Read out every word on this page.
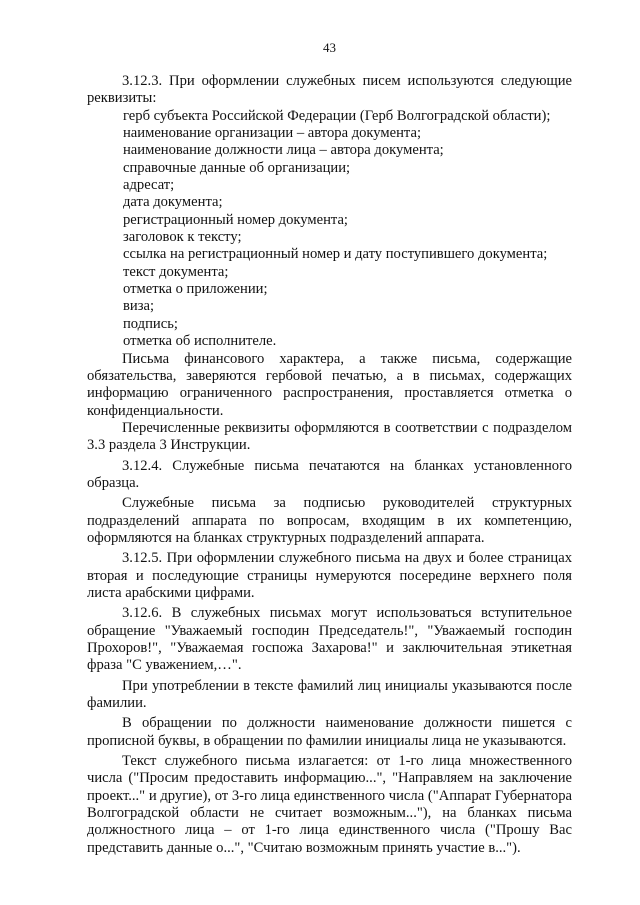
43

3.12.3. При оформлении служебных писем используются следующие реквизиты:

герб субъекта Российской Федерации (Герб Волгоградской области);

наименование организации – автора документа;

наименование должности лица – автора документа;

справочные данные об организации;

адресат;

дата документа;

регистрационный номер документа;

заголовок к тексту;

ссылка на регистрационный номер и дату поступившего документа;

текст документа;

отметка о приложении;

виза;

подпись;

отметка об исполнителе.

Письма финансового характера, а также письма, содержащие обязательства, заверяются гербовой печатью, а в письмах, содержащих информацию ограниченного распространения, проставляется отметка о конфиденциальности.

Перечисленные реквизиты оформляются в соответствии с подразделом 3.3 раздела 3 Инструкции.

3.12.4. Служебные письма печатаются на бланках установленного образца.

Служебные письма за подписью руководителей структурных подразделений аппарата по вопросам, входящим в их компетенцию, оформляются на бланках структурных подразделений аппарата.

3.12.5. При оформлении служебного письма на двух и более страницах вторая и последующие страницы нумеруются посередине верхнего поля листа арабскими цифрами.

3.12.6. В служебных письмах могут использоваться вступительное обращение "Уважаемый господин Председатель!", "Уважаемый господин Прохоров!", "Уважаемая госпожа Захарова!" и заключительная этикетная фраза "С уважением,…".

При употреблении в тексте фамилий лиц инициалы указываются после фамилии.

В обращении по должности наименование должности пишется с прописной буквы, в обращении по фамилии инициалы лица не указываются.

Текст служебного письма излагается: от 1-го лица множественного числа ("Просим предоставить информацию...", "Направляем на заключение проект..." и другие), от 3-го лица единственного числа ("Аппарат Губернатора Волгоградской области не считает возможным..."), на бланках письма должностного лица – от 1-го лица единственного числа ("Прошу Вас представить данные о...", "Считаю возможным принять участие в...").
